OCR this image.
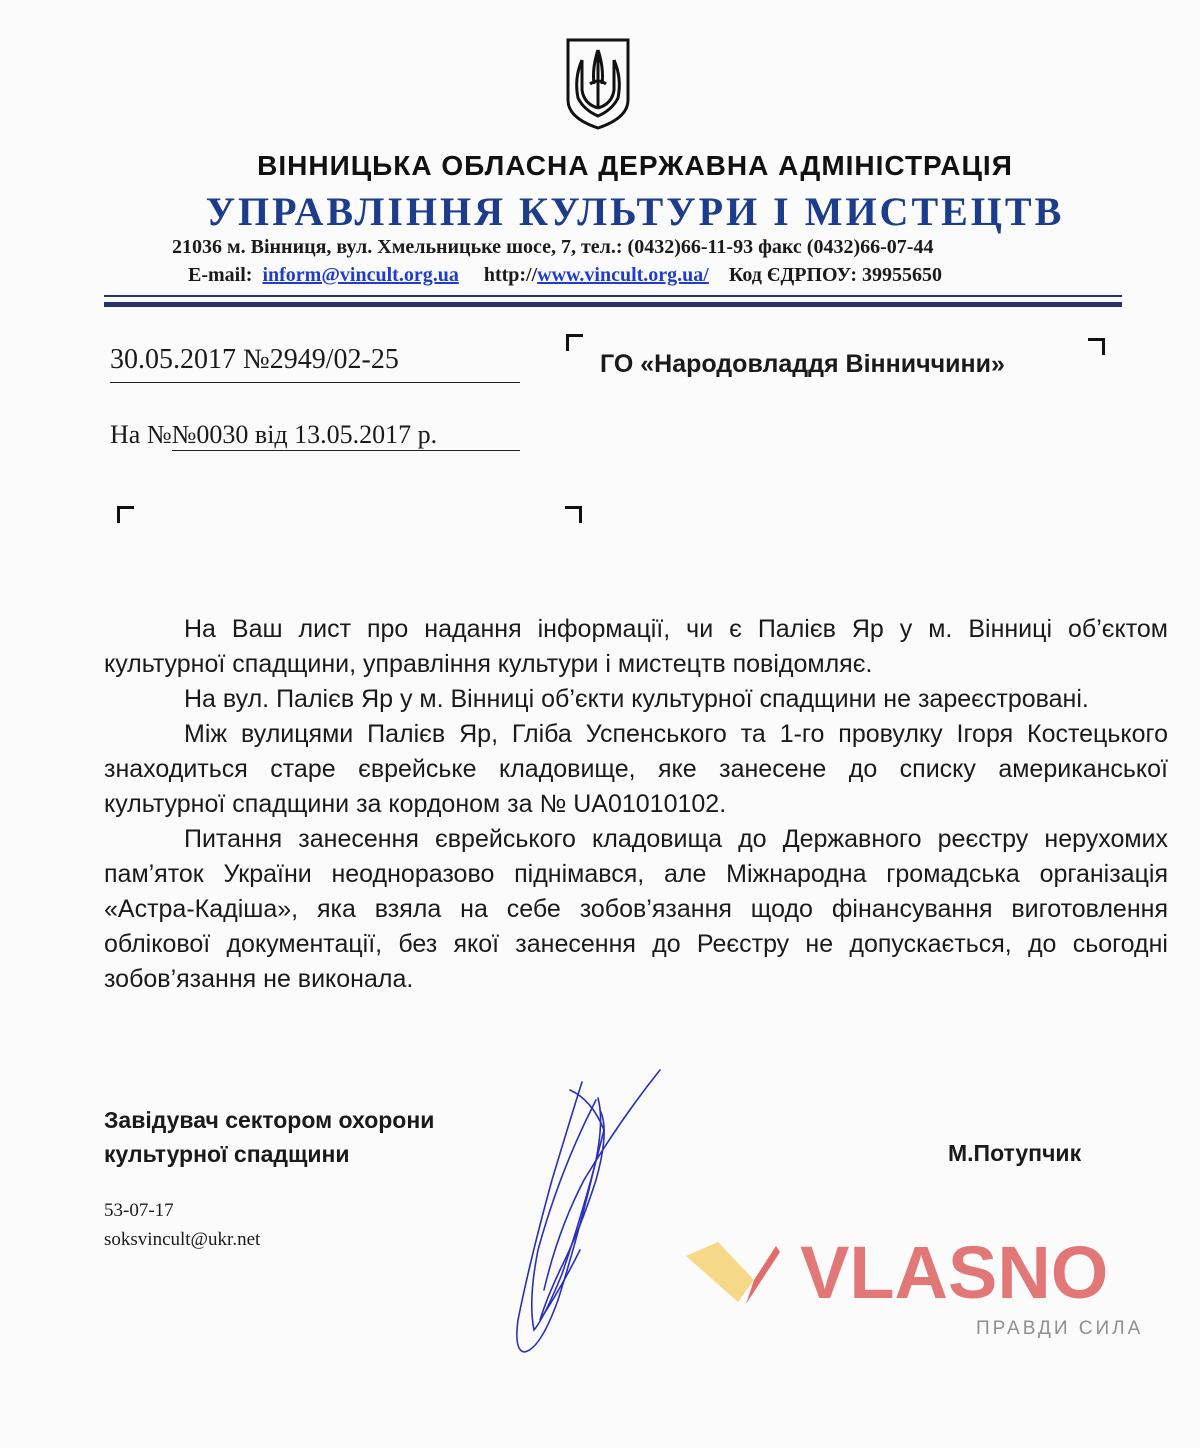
ВІННИЦЬКА ОБЛАСНА ДЕРЖАВНА АДМІНІСТРАЦІЯ
УПРАВЛІННЯ КУЛЬТУРИ І МИСТЕЦТВ
21036 м. Вінниця, вул. Хмельницьке шосе, 7, тел.: (0432)66-11-93 факс (0432)66-07-44
E-mail: inform@vincult.org.ua http://www.vincult.org.ua/ Код ЄДРПОУ: 39955650
30.05.2017 №2949/02-25
На №№0030 від 13.05.2017 р.
ГО «Народовладдя Вінниччини»

На Ваш лист про надання інформації, чи є Палієв Яр у м. Вінниці об’єктом культурної спадщини, управління культури і мистецтв повідомляє.

На вул. Палієв Яр у м. Вінниці об’єкти культурної спадщини не зареєстровані.

Між вулицями Палієв Яр, Гліба Успенського та 1-го провулку Ігоря Костецького знаходиться старе єврейське кладовище, яке занесене до списку американської культурної спадщини за кордоном за № UA01010102.

Питання занесення єврейського кладовища до Державного реєстру нерухомих пам’яток України неодноразово піднімався, але Міжнародна громадська організація «Астра-Кадіша», яка взяла на себе зобов’язання щодо фінансування виготовлення облікової документації, без якої занесення до Реєстру не допускається, до сьогодні зобов’язання не виконала.

Завідувач сектором охорони
культурної спадщини	М.Потупчик
53-07-17
soksvincult@ukr.net	VLASNO
ПРАВДИ СИЛА
